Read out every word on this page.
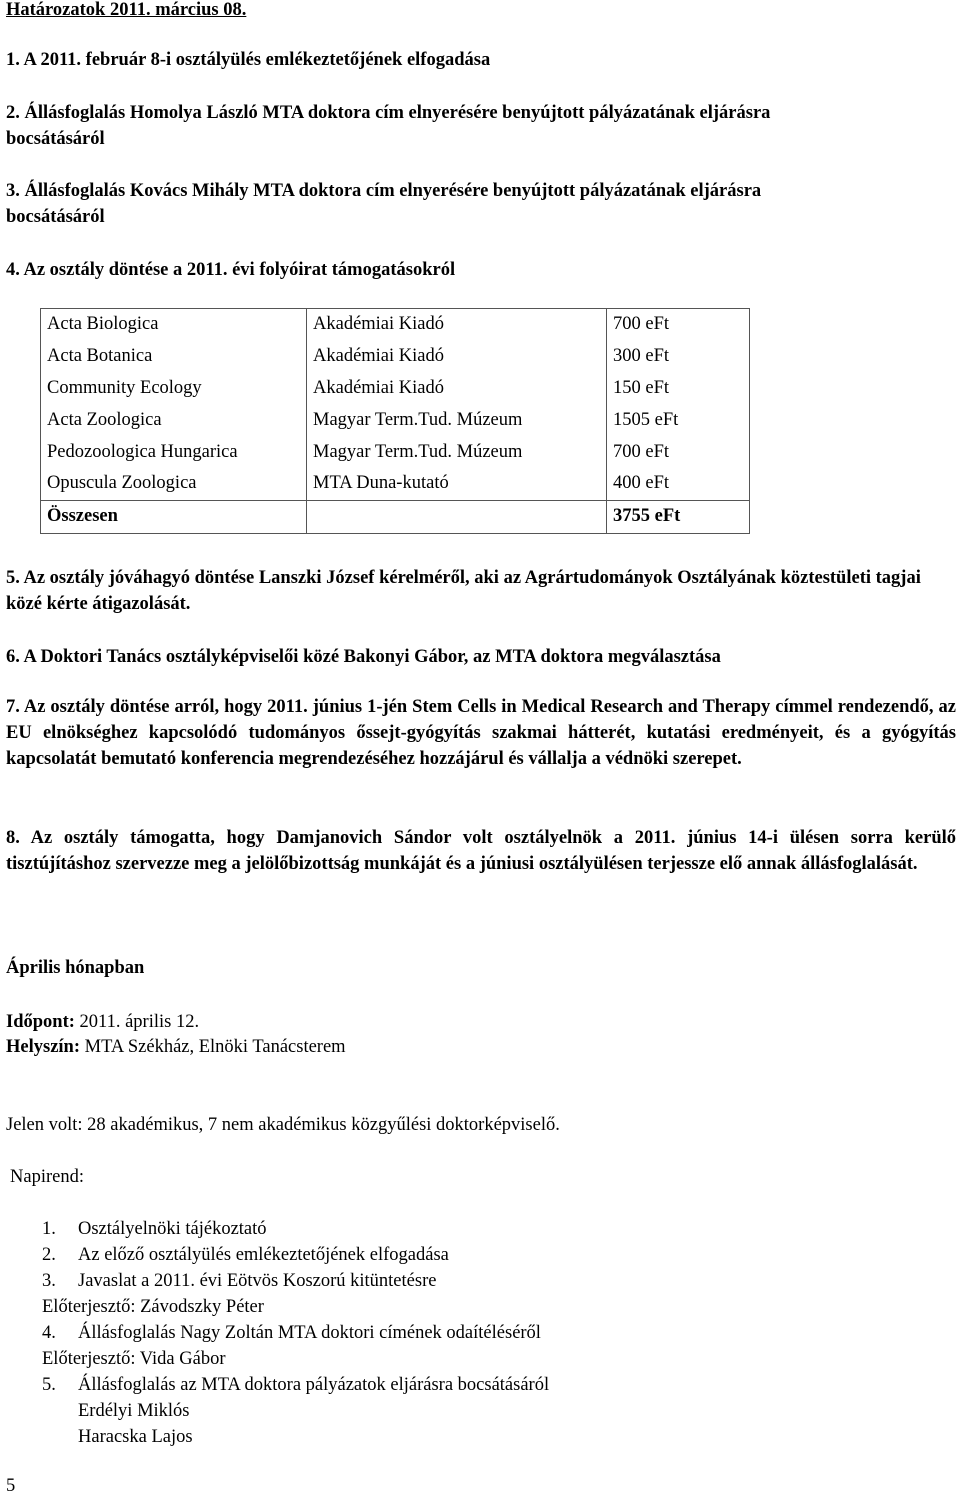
Határozatok 2011. március 08.
1. A 2011. február 8-i osztályülés emlékeztetőjének elfogadása
2. Állásfoglalás Homolya László MTA doktora cím elnyerésére benyújtott pályázatának eljárásra
bocsátásáról
3. Állásfoglalás Kovács Mihály MTA doktora cím elnyerésére benyújtott pályázatának eljárásra
bocsátásáról
4. Az osztály döntése a 2011. évi folyóirat támogatásokról
Acta Biologica	Akadémiai Kiadó	700 eFt
Acta Botanica	Akadémiai Kiadó	300 eFt
Community Ecology	Akadémiai Kiadó	150 eFt
Acta Zoologica	Magyar Term.Tud. Múzeum	1505 eFt
Pedozoologica Hungarica	Magyar Term.Tud. Múzeum	700 eFt
Opuscula Zoologica	MTA Duna-kutató	400 eFt
Összesen		3755 eFt
5. Az osztály jóváhagyó döntése Lanszki József kérelméről, aki az Agrártudományok Osztályának köztestületi tagjai közé kérte átigazolását.
6. A Doktori Tanács osztályképviselői közé Bakonyi Gábor, az MTA doktora megválasztása
7. Az osztály döntése arról, hogy 2011. június 1-jén Stem Cells in Medical Research and Therapy címmel rendezendő, az EU elnökséghez kapcsolódó tudományos őssejt-gyógyítás szakmai hátterét, kutatási eredményeit, és a gyógyítás kapcsolatát bemutató konferencia megrendezéséhez hozzájárul és vállalja a védnöki szerepet.
8. Az osztály támogatta, hogy Damjanovich Sándor volt osztályelnök a 2011. június 14-i ülésen sorra kerülő tisztújításhoz szervezze meg a jelölőbizottság munkáját és a júniusi osztályülésen terjessze elő annak állásfoglalását.
Április hónapban
Időpont: 2011. április 12.
Helyszín: MTA Székház, Elnöki Tanácsterem
Jelen volt: 28 akadémikus, 7 nem akadémikus közgyűlési doktorképviselő.
Napirend:
1. Osztályelnöki tájékoztató
2. Az előző osztályülés emlékeztetőjének elfogadása
3. Javaslat a 2011. évi Eötvös Koszorú kitüntetésre
Előterjesztő: Závodszky Péter
4. Állásfoglalás Nagy Zoltán MTA doktori címének odaítéléséről
Előterjesztő: Vida Gábor
5. Állásfoglalás az MTA doktora pályázatok eljárásra bocsátásáról
Erdélyi Miklós
Haracska Lajos
5
